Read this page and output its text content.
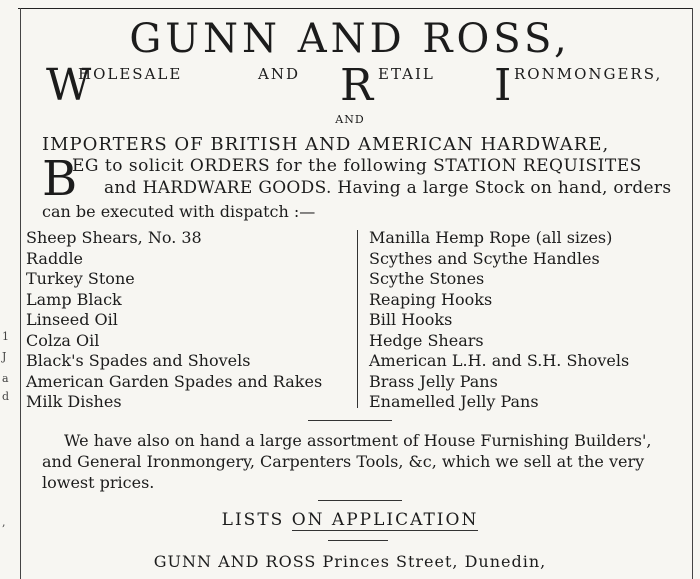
1
J
a
d
,
GUNN AND ROSS,
W
HOLESALE	AND R ETAIL I RONMONGERS,
AND
IMPORTERS OF BRITISH AND AMERICAN HARDWARE,
B
EG to solicit ORDERS for the following STATION REQUISITES
and HARDWARE GOODS. Having a large Stock on hand, orders
can be executed with dispatch :—
Sheep Shears, No. 38
Raddle
Turkey Stone
Lamp Black
Linseed Oil
Colza Oil
Black's Spades and Shovels
American Garden Spades and Rakes
Milk Dishes
Manilla Hemp Rope (all sizes)
Scythes and Scythe Handles
Scythe Stones
Reaping Hooks
Bill Hooks
Hedge Shears
American L.H. and S.H. Shovels
Brass Jelly Pans
Enamelled Jelly Pans
We have also on hand a large assortment of House Furnishing Builders',
and General Ironmongery, Carpenters Tools, &c, which we sell at the very
lowest prices.
LISTS ON APPLICATION
GUNN AND ROSS Princes Street, Dunedin,
